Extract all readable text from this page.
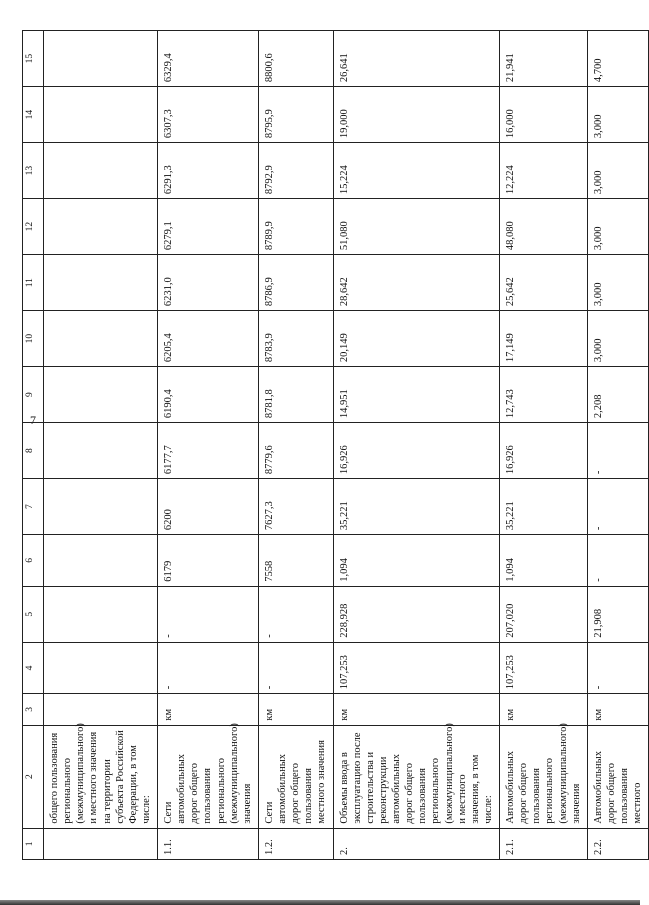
7
1	2	3	4	5	6	7	8	9	10	11	12	13	14	15
	общего пользования регионального (межмуниципального) и местного значения на территории субъекта Российской Федерации, в том числе:													
1.1.	Сети автомобильных дорог общего пользования регионального (межмуниципального) значения	км	-	-	6179	6200	6177,7	6190,4	6205,4	6231,0	6279,1	6291,3	6307,3	6329,4
1.2.	Сети автомобильных дорог общего пользования местного значения	км	-	-	7558	7627,3	8779,6	8781,8	8783,9	8786,9	8789,9	8792,9	8795,9	8800,6
2.	Объемы ввода в эксплуатацию после строительства и реконструкции автомобильных дорог общего пользования регионального (межмуниципального) и местного значения, в том числе:	км	107,253	228,928	1,094	35,221	16,926	14,951	20,149	28,642	51,080	15,224	19,000	26,641
2.1.	Автомобильных дорог общего пользования регионального (межмуниципального) значения	км	107,253	207,020	1,094	35,221	16,926	12,743	17,149	25,642	48,080	12,224	16,000	21,941
2.2.	Автомобильных дорог общего пользования местного	км	-	21,908	-	-	-	2,208	3,000	3,000	3,000	3,000	3,000	4,700
